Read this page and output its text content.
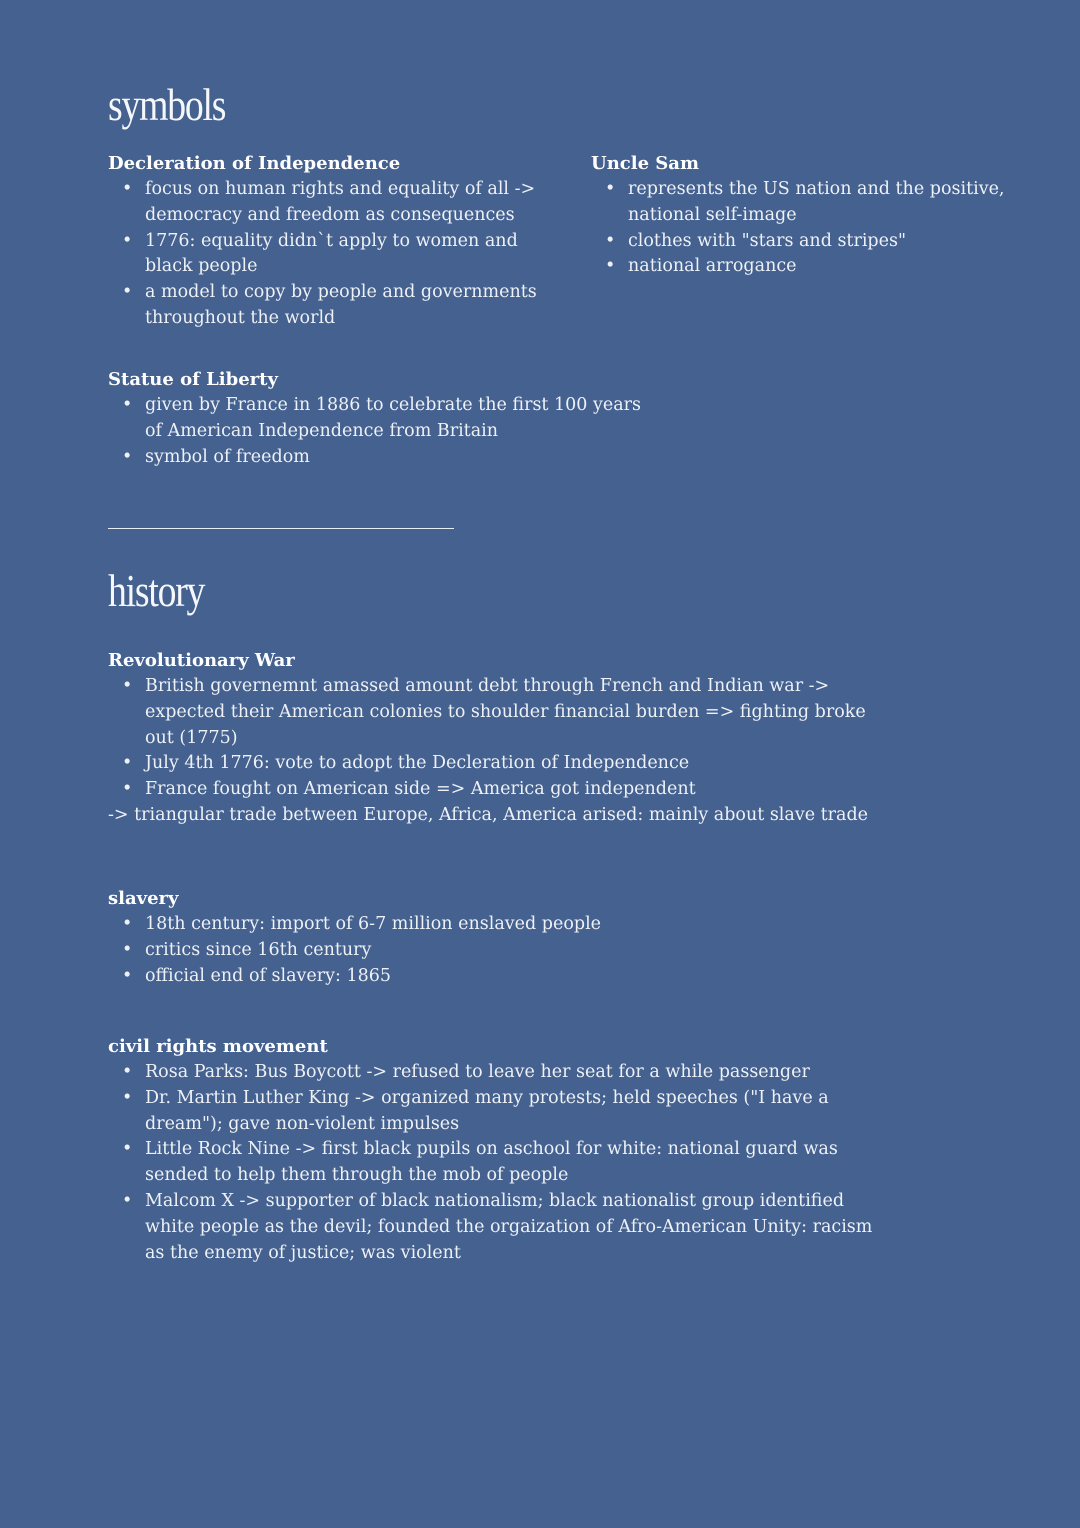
symbols
Decleration of Independence
• focus on human rights and equality of all -> democracy and freedom as consequences
• 1776: equality didn`t apply to women and black people
• a model to copy by people and governments throughout the world
Uncle Sam
• represents the US nation and the positive, national self-image
• clothes with "stars and stripes"
• national arrogance
Statue of Liberty
• given by France in 1886 to celebrate the first 100 years of American Independence from Britain
• symbol of freedom
history
Revolutionary War
• British governemnt amassed amount debt through French and Indian war -> expected their American colonies to shoulder financial burden => fighting broke out (1775)
• July 4th 1776: vote to adopt the Decleration of Independence
• France fought on American side => America got independent

-> triangular trade between Europe, Africa, America arised: mainly about slave trade

slavery
• 18th century: import of 6-7 million enslaved people
• critics since 16th century
• official end of slavery: 1865
civil rights movement
• Rosa Parks: Bus Boycott -> refused to leave her seat for a while passenger
• Dr. Martin Luther King -> organized many protests; held speeches ("I have a dream"); gave non-violent impulses
• Little Rock Nine -> first black pupils on aschool for white: national guard was sended to help them through the mob of people
• Malcom X -> supporter of black nationalism; black nationalist group identified white people as the devil; founded the orgaization of Afro-American Unity: racism as the enemy of justice; was violent
